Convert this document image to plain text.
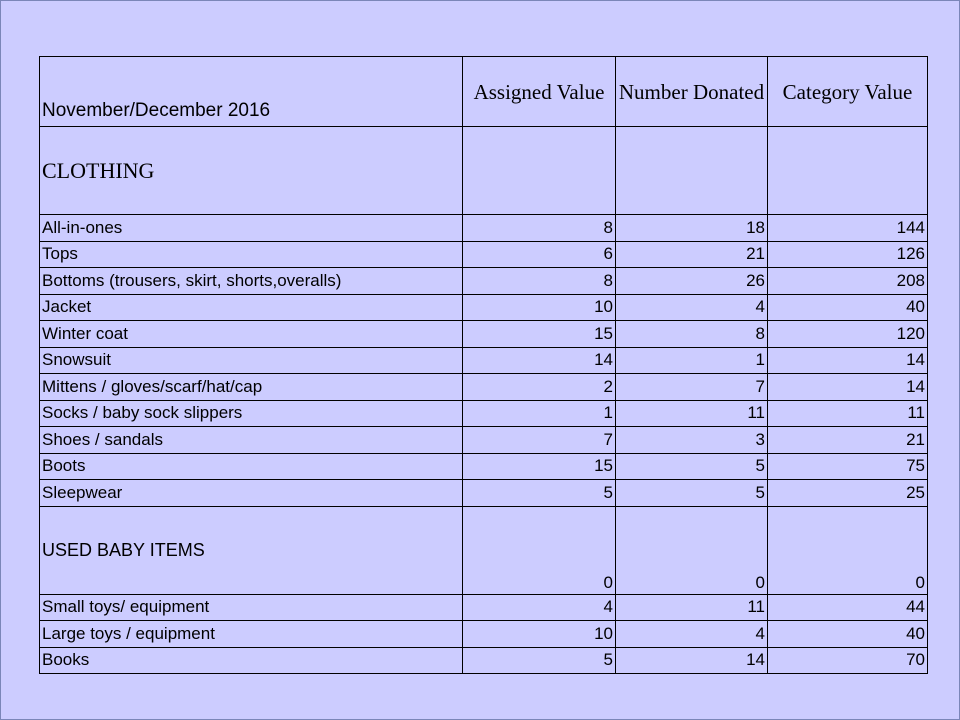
November/December 2016	Assigned Value	Number Donated	Category Value
CLOTHING			
All-in-ones	8	18	144
Tops	6	21	126
Bottoms (trousers, skirt, shorts,overalls)	8	26	208
Jacket	10	4	40
Winter coat	15	8	120
Snowsuit	14	1	14
Mittens / gloves/scarf/hat/cap	2	7	14
Socks / baby sock slippers	1	11	11
Shoes / sandals	7	3	21
Boots	15	5	75
Sleepwear	5	5	25
USED BABY ITEMS	0	0	0
Small toys/ equipment	4	11	44
Large toys / equipment	10	4	40
Books	5	14	70
